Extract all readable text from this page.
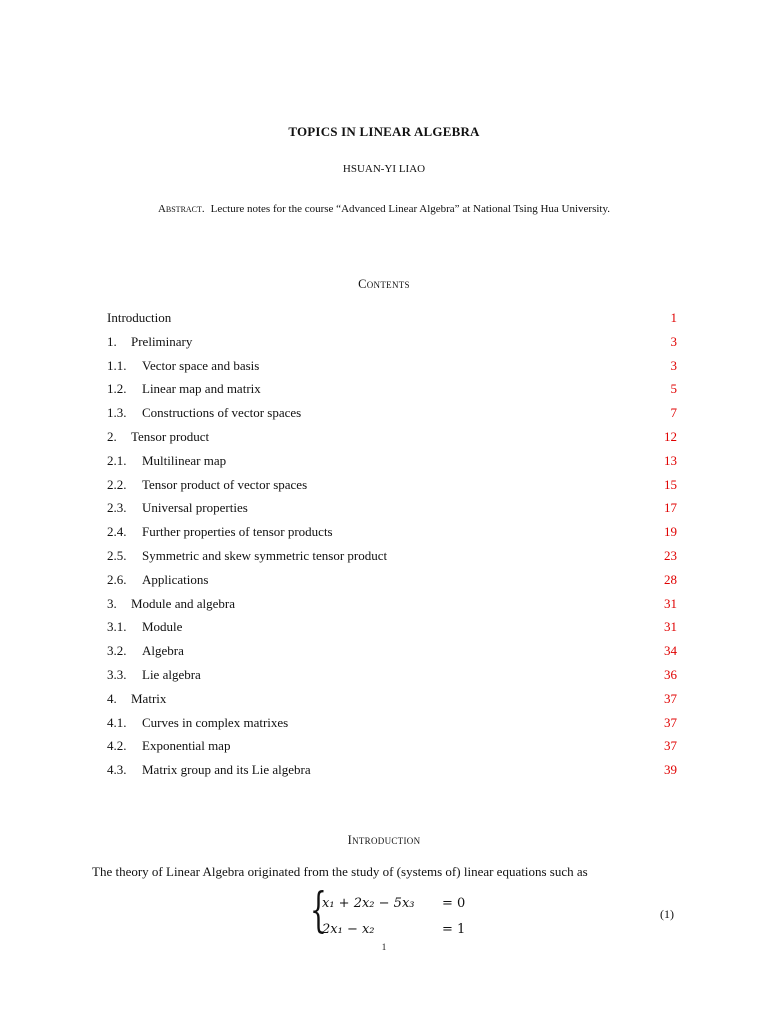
TOPICS IN LINEAR ALGEBRA
HSUAN-YI LIAO
Abstract. Lecture notes for the course “Advanced Linear Algebra” at National Tsing Hua University.
Contents
Introduction	1
1. Preliminary	3
1.1. Vector space and basis	3
1.2. Linear map and matrix	5
1.3. Constructions of vector spaces	7
2. Tensor product	12
2.1. Multilinear map	13
2.2. Tensor product of vector spaces	15
2.3. Universal properties	17
2.4. Further properties of tensor products	19
2.5. Symmetric and skew symmetric tensor product	23
2.6. Applications	28
3. Module and algebra	31
3.1. Module	31
3.2. Algebra	34
3.3. Lie algebra	36
4. Matrix	37
4.1. Curves in complex matrixes	37
4.2. Exponential map	37
4.3. Matrix group and its Lie algebra	39
Introduction
The theory of Linear Algebra originated from the study of (systems of) linear equations such as
{
x₁ + 2x₂ − 5x₃ = 0
2x₁ − x₂	= 1
(1)
1
